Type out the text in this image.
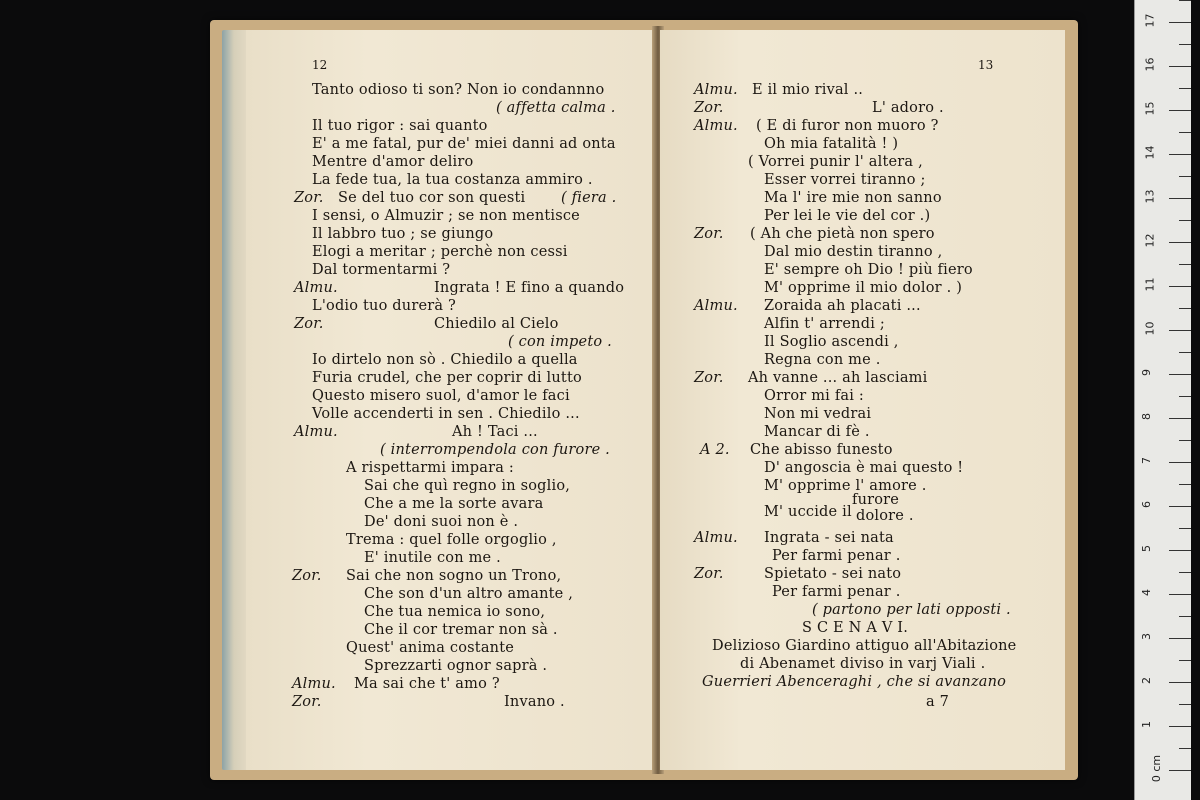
12
Tanto odioso ti son? Non io condannno
( affetta calma .
Il tuo rigor : sai quanto
E' a me fatal, pur de' miei danni ad onta
Mentre d'amor deliro
La fede tua, la tua costanza ammiro .
Zor. Se del tuo cor son questi ( fiera .
I sensi, o Almuzir ; se non mentisce
Il labbro tuo ; se giungo
Elogi a meritar ; perchè non cessi
Dal tormentarmi ?
Almu.	Ingrata ! E fino a quando
L'odio tuo durerà ?
Zor.	Chiedilo al Cielo
( con impeto .
Io dirtelo non sò . Chiedilo a quella
Furia crudel, che per coprir di lutto
Questo misero suol, d'amor le faci
Volle accenderti in sen . Chiedilo ...
Almu.	Ah ! Taci ...
( interrompendola con furore .
A rispettarmi impara :
Sai che quì regno in soglio,
Che a me la sorte avara
De' doni suoi non è .
Trema : quel folle orgoglio ,
E' inutile con me .
Zor. Sai che non sogno un Trono,
Che son d'un altro amante ,
Che tua nemica io sono,
Che il cor tremar non sà .
Quest' anima costante
Sprezzarti ognor saprà .
Almu. Ma sai che t' amo ?
Zor.	Invano .
13
Almu. E il mio rival ..
Zor.	L' adoro .
Almu. ( E di furor non muoro ?
Oh mia fatalità ! )
( Vorrei punir l' altera ,
Esser vorrei tiranno ;
Ma l' ire mie non sanno
Per lei le vie del cor .)
Zor. ( Ah che pietà non spero
Dal mio destin tiranno ,
E' sempre oh Dio ! più fiero
M' opprime il mio dolor . )
Almu. Zoraida ah placati ...
Alfin t' arrendi ;
Il Soglio ascendi ,
Regna con me .
Zor. Ah vanne ... ah lasciami
Orror mi fai :
Non mi vedrai
Mancar di fè .
A 2. Che abisso funesto
D' angoscia è mai questo !
M' opprime l' amore .
M' uccide il
furore
dolore .
Almu. Ingrata - sei nata
Per farmi penar .
Zor.	Spietato - sei nato
Per farmi penar .
( partono per lati opposti .
S C E N A V I.
Delizioso Giardino attiguo all'Abitazione
di Abenamet diviso in varj Viali .
Guerrieri Abenceraghi , che si avanzano
a 7
0 cm
1
2
3
4
5
6
7
8
9
10
11
12
13
14
15
16
17
